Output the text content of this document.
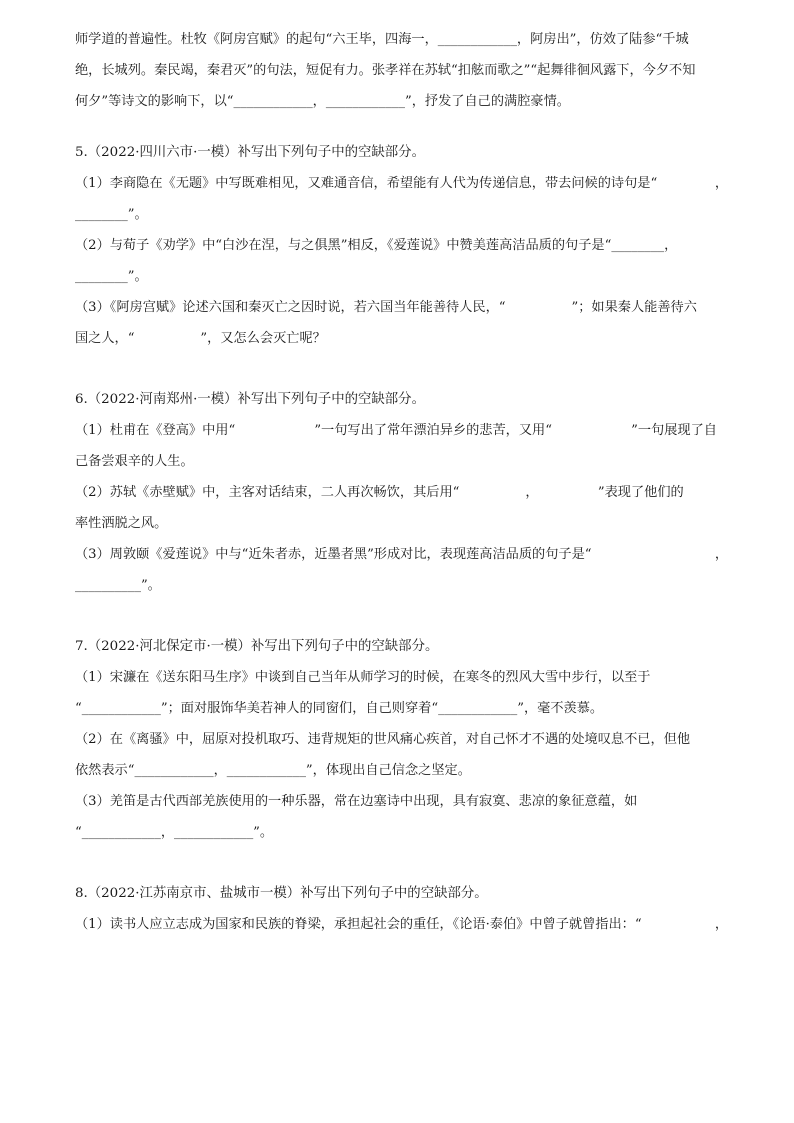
师学道的普遍性。杜牧《阿房宫赋》的起句“六王毕，四海一，____________，阿房出”，仿效了陆参“千城
绝，长城列。秦民竭，秦君灭”的句法，短促有力。张孝祥在苏轼“扣舷而歌之”“起舞徘徊风露下，今夕不知
何夕”等诗文的影响下，以“____________，____________”，抒发了自己的满腔豪情。
5.（2022·四川六市·一模）补写出下列句子中的空缺部分。
（1）李商隐在《无题》中写既难相见，又难通音信，希望能有人代为传递信息，带去问候的诗句是“	，
________”。
（2）与荀子《劝学》中“白沙在涅，与之俱黑”相反，《爱莲说》中赞美莲高洁品质的句子是“________，
________”。
（3）《阿房宫赋》论述六国和秦灭亡之因时说，若六国当年能善待人民，“　　　　　”；如果秦人能善待六
国之人，“　　　　　”，又怎么会灭亡呢？
6.（2022·河南郑州·一模）补写出下列句子中的空缺部分。
（1）杜甫在《登高》中用“　　　　　　”一句写出了常年漂泊异乡的悲苦，又用“　　　　　　”一句展现了自
己备尝艰辛的人生。
（2）苏轼《赤壁赋》中，主客对话结束，二人再次畅饮，其后用“　　　　　，　　　　　”表现了他们的
率性洒脱之风。
（3）周敦颐《爱莲说》中与“近朱者赤，近墨者黑”形成对比，表现莲高洁品质的句子是“	，
__________”。
7.（2022·河北保定市·一模）补写出下列句子中的空缺部分。
（1）宋濂在《送东阳马生序》中谈到自己当年从师学习的时候，在寒冬的烈风大雪中步行，以至于
“____________”；面对服饰华美若神人的同窗们，自己则穿着“____________”，毫不羡慕。
（2）在《离骚》中，屈原对投机取巧、违背规矩的世风痛心疾首，对自己怀才不遇的处境叹息不已，但他
依然表示“____________，____________”，体现出自己信念之坚定。
（3）羌笛是古代西部羌族使用的一种乐器，常在边塞诗中出现，具有寂寞、悲凉的象征意蕴，如
“____________，____________”。
8.（2022·江苏南京市、盐城市一模）补写出下列句子中的空缺部分。
（1）读书人应立志成为国家和民族的脊梁，承担起社会的重任，《论语·泰伯》中曾子就曾指出：“	，
